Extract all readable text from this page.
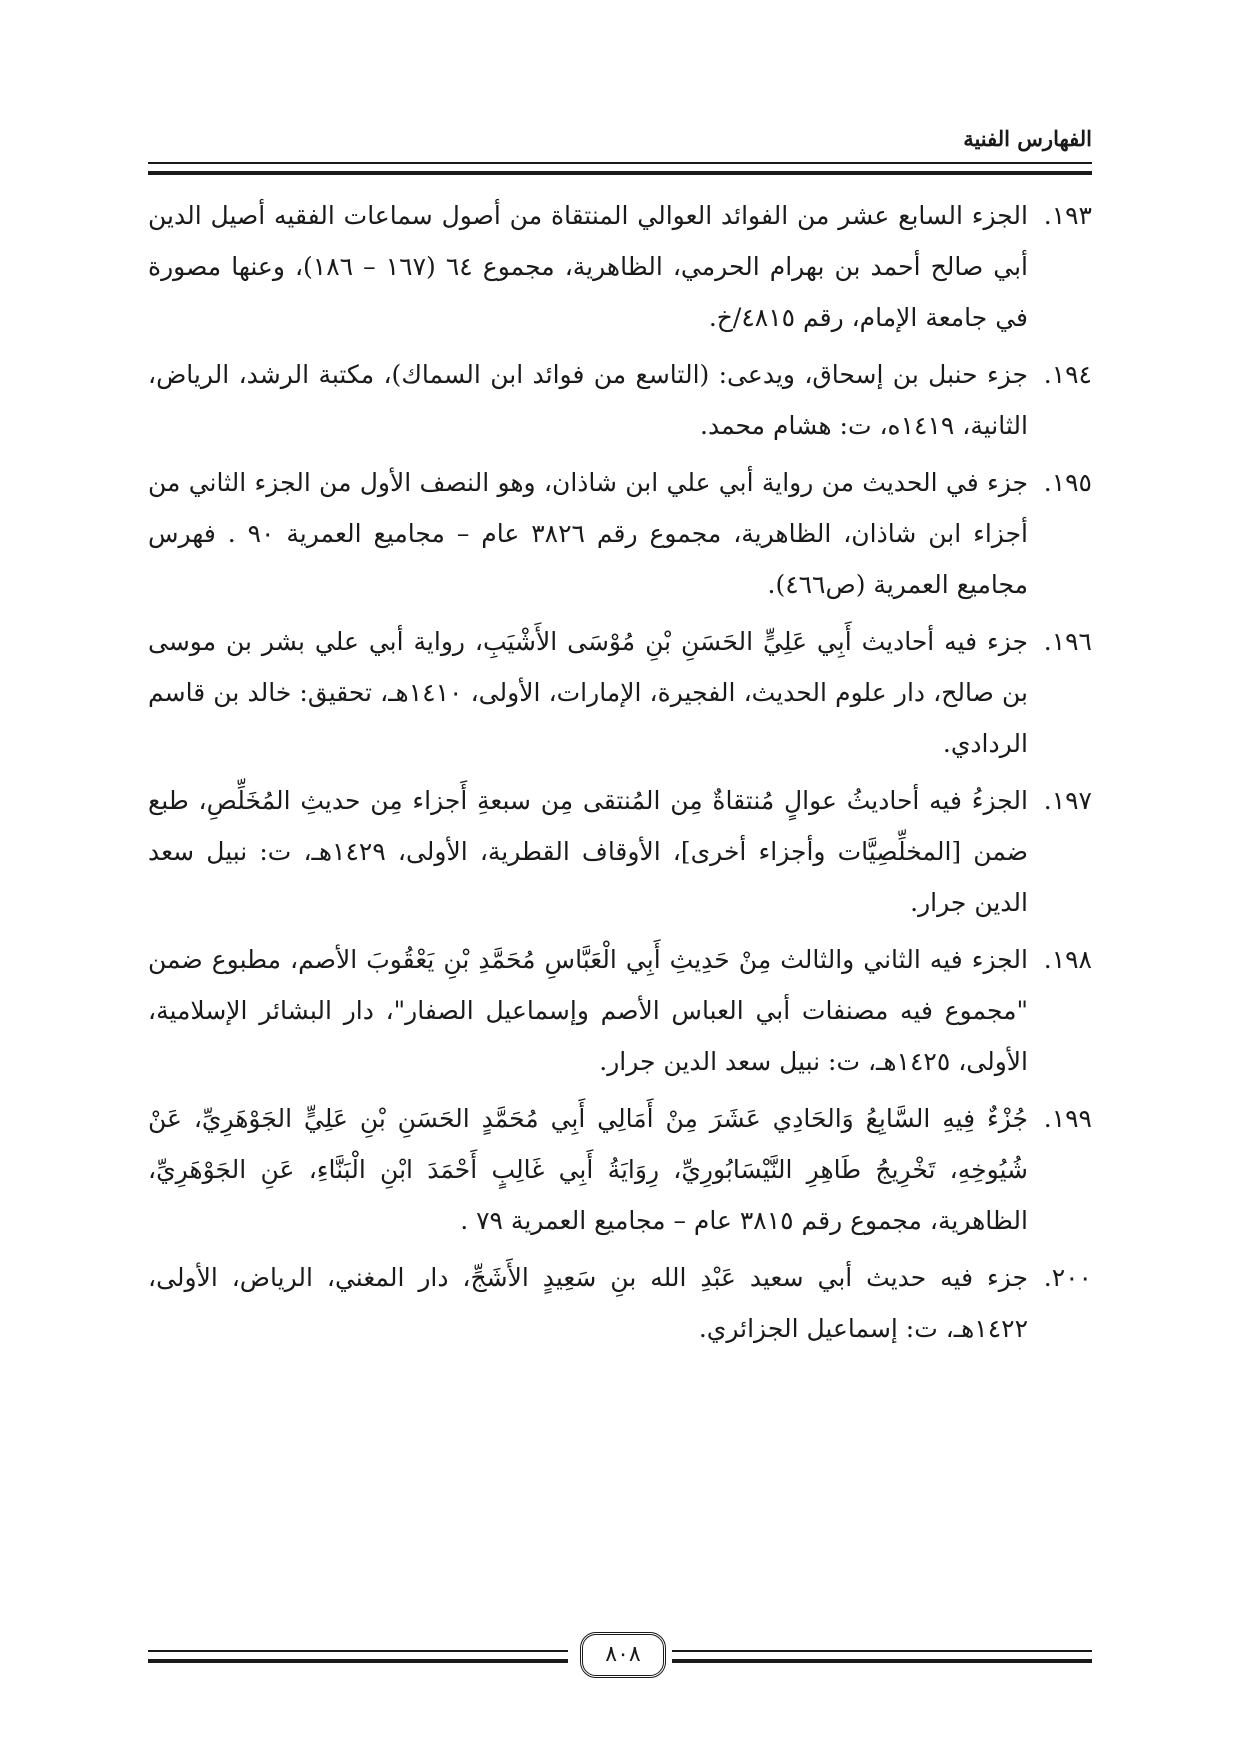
الفهارس الفنية
١٩٣.
الجزء السابع عشر من الفوائد العوالي المنتقاة من أصول سماعات الفقيه أصيل الدين أبي صالح أحمد بن بهرام الحرمي، الظاهرية، مجموع ٦٤ (١٦٧ – ١٨٦)، وعنها مصورة في جامعة الإمام، رقم ٤٨١٥/خ.
١٩٤.
جزء حنبل بن إسحاق، ويدعى: (التاسع من فوائد ابن السماك)، مكتبة الرشد، الرياض، الثانية، ١٤١٩ه، ت: هشام محمد.
١٩٥.
جزء في الحديث من رواية أبي علي ابن شاذان، وهو النصف الأول من الجزء الثاني من أجزاء ابن شاذان، الظاهرية، مجموع رقم ٣٨٢٦ عام – مجاميع العمرية ٩٠ . فهرس مجاميع العمرية (ص٤٦٦).
١٩٦.
جزء فيه أحاديث أَبِي عَلِيٍّ الحَسَنِ بْنِ مُوْسَى الأَشْيَبِ، رواية أبي علي بشر بن موسى بن صالح، دار علوم الحديث، الفجيرة، الإمارات، الأولى، ١٤١٠هـ، تحقيق: خالد بن قاسم الردادي.
١٩٧.
الجزءُ فيه أحاديثُ عوالٍ مُنتقاةٌ مِن المُنتقى مِن سبعةِ أَجزاء مِن حديثِ المُخَلِّصِ، طبع ضمن [المخلِّصِيَّات وأجزاء أخرى]، الأوقاف القطرية، الأولى، ١٤٢٩هـ، ت: نبيل سعد الدين جرار.
١٩٨.
الجزء فيه الثاني والثالث مِنْ حَدِيثِ أَبِي الْعَبَّاسِ مُحَمَّدِ بْنِ يَعْقُوبَ الأصم، مطبوع ضمن "مجموع فيه مصنفات أبي العباس الأصم وإسماعيل الصفار"، دار البشائر الإسلامية، الأولى، ١٤٢٥هـ، ت: نبيل سعد الدين جرار.
١٩٩.
جُزْءٌ فِيهِ السَّابِعُ وَالحَادِي عَشَرَ مِنْ أَمَالِي أَبِي مُحَمَّدٍ الحَسَنِ بْنِ عَلِيٍّ الجَوْهَرِيِّ، عَنْ شُيُوخِهِ، تَخْرِيجُ طَاهِرِ النَّيْسَابُورِيِّ، رِوَايَةُ أَبِي غَالِبٍ أَحْمَدَ ابْنِ الْبَنَّاءِ، عَنِ الجَوْهَرِيِّ، الظاهرية، مجموع رقم ٣٨١٥ عام – مجاميع العمرية ٧٩ .
٢٠٠.
جزء فيه حديث أبي سعيد عَبْدِ الله بنِ سَعِيدٍ الأَشَجِّ، دار المغني، الرياض، الأولى، ١٤٢٢هـ، ت: إسماعيل الجزائري.
٨٠٨
